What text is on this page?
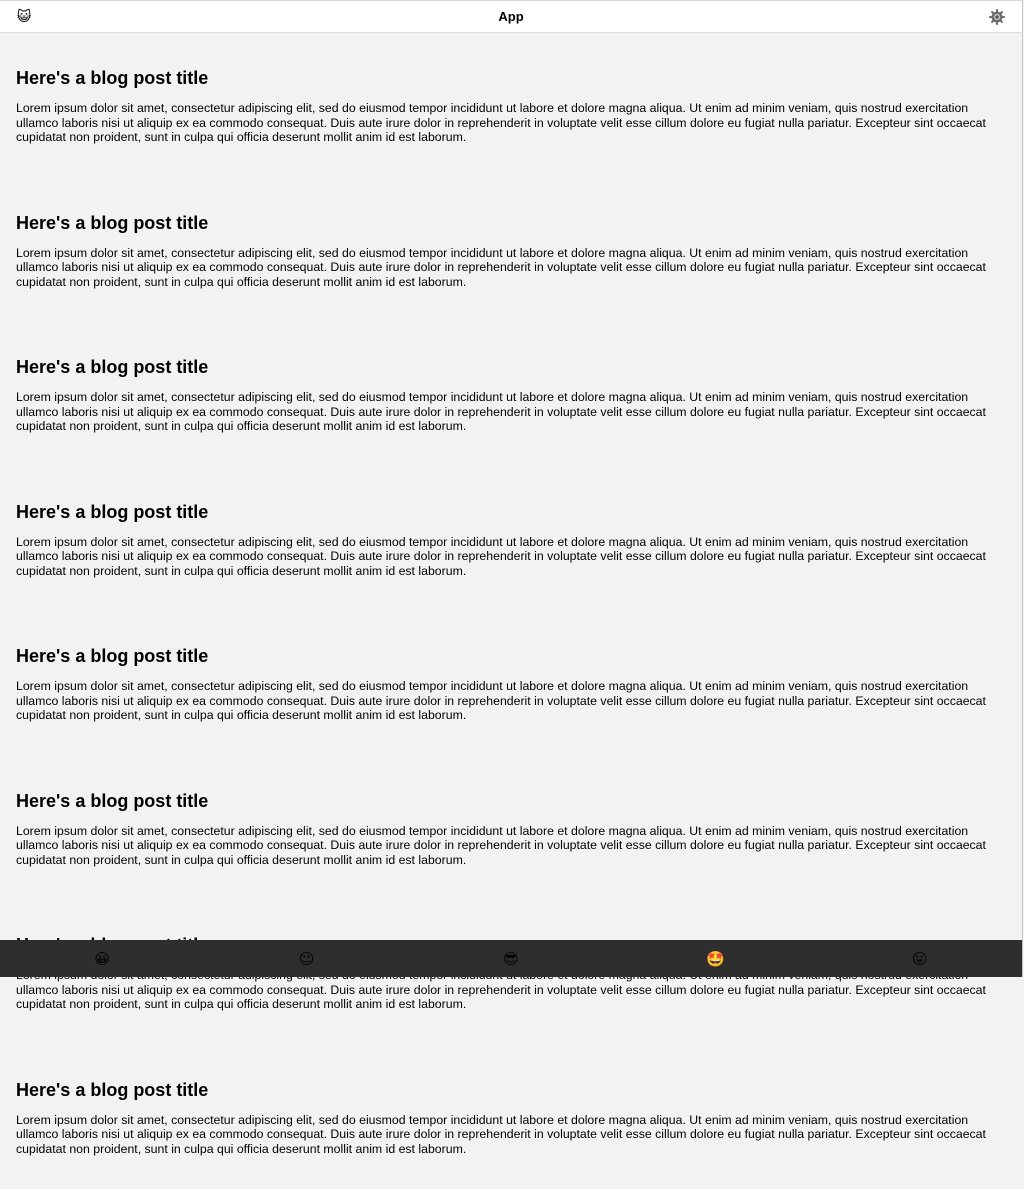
😺	App
Here's a blog post title

Lorem ipsum dolor sit amet, consectetur adipiscing elit, sed do eiusmod tempor incididunt ut labore et dolore magna aliqua. Ut enim ad minim veniam, quis nostrud exercitation ullamco laboris nisi ut aliquip ex ea commodo consequat. Duis aute irure dolor in reprehenderit in voluptate velit esse cillum dolore eu fugiat nulla pariatur. Excepteur sint occaecat cupidatat non proident, sunt in culpa qui officia deserunt mollit anim id est laborum.

Here's a blog post title

Lorem ipsum dolor sit amet, consectetur adipiscing elit, sed do eiusmod tempor incididunt ut labore et dolore magna aliqua. Ut enim ad minim veniam, quis nostrud exercitation ullamco laboris nisi ut aliquip ex ea commodo consequat. Duis aute irure dolor in reprehenderit in voluptate velit esse cillum dolore eu fugiat nulla pariatur. Excepteur sint occaecat cupidatat non proident, sunt in culpa qui officia deserunt mollit anim id est laborum.

Here's a blog post title

Lorem ipsum dolor sit amet, consectetur adipiscing elit, sed do eiusmod tempor incididunt ut labore et dolore magna aliqua. Ut enim ad minim veniam, quis nostrud exercitation ullamco laboris nisi ut aliquip ex ea commodo consequat. Duis aute irure dolor in reprehenderit in voluptate velit esse cillum dolore eu fugiat nulla pariatur. Excepteur sint occaecat cupidatat non proident, sunt in culpa qui officia deserunt mollit anim id est laborum.

Here's a blog post title

Lorem ipsum dolor sit amet, consectetur adipiscing elit, sed do eiusmod tempor incididunt ut labore et dolore magna aliqua. Ut enim ad minim veniam, quis nostrud exercitation ullamco laboris nisi ut aliquip ex ea commodo consequat. Duis aute irure dolor in reprehenderit in voluptate velit esse cillum dolore eu fugiat nulla pariatur. Excepteur sint occaecat cupidatat non proident, sunt in culpa qui officia deserunt mollit anim id est laborum.

Here's a blog post title

Lorem ipsum dolor sit amet, consectetur adipiscing elit, sed do eiusmod tempor incididunt ut labore et dolore magna aliqua. Ut enim ad minim veniam, quis nostrud exercitation ullamco laboris nisi ut aliquip ex ea commodo consequat. Duis aute irure dolor in reprehenderit in voluptate velit esse cillum dolore eu fugiat nulla pariatur. Excepteur sint occaecat cupidatat non proident, sunt in culpa qui officia deserunt mollit anim id est laborum.

Here's a blog post title

Lorem ipsum dolor sit amet, consectetur adipiscing elit, sed do eiusmod tempor incididunt ut labore et dolore magna aliqua. Ut enim ad minim veniam, quis nostrud exercitation ullamco laboris nisi ut aliquip ex ea commodo consequat. Duis aute irure dolor in reprehenderit in voluptate velit esse cillum dolore eu fugiat nulla pariatur. Excepteur sint occaecat cupidatat non proident, sunt in culpa qui officia deserunt mollit anim id est laborum.

ullamco laboris nisi ut aliquip ex ea commodo consequat. Duis aute irure dolor in reprehenderit in voluptate velit esse cillum dolore eu fugiat nulla pariatur. Excepteur sint occaecat cupidatat non proident, sunt in culpa qui officia deserunt mollit anim id est laborum.

Here's a blog post title

Lorem ipsum dolor sit amet, consectetur adipiscing elit, sed do eiusmod tempor incididunt ut labore et dolore magna aliqua. Ut enim ad minim veniam, quis nostrud exercitation ullamco laboris nisi ut aliquip ex ea commodo consequat. Duis aute irure dolor in reprehenderit in voluptate velit esse cillum dolore eu fugiat nulla pariatur. Excepteur sint occaecat cupidatat non proident, sunt in culpa qui officia deserunt mollit anim id est laborum.

😀	😉	😎	🤩	😛
